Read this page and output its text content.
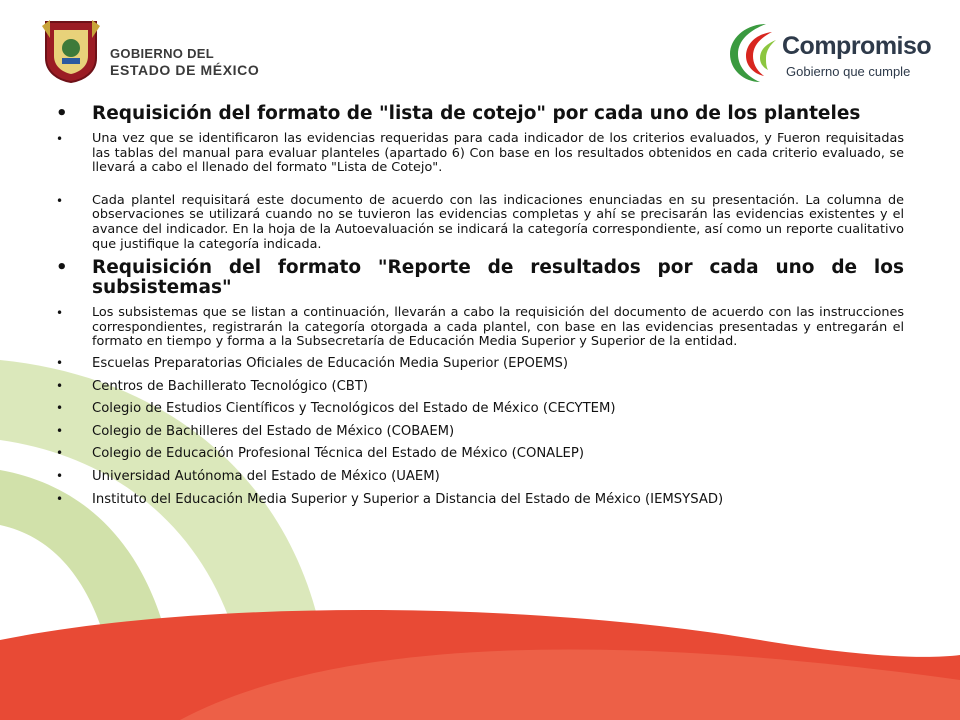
GOBIERNO DEL
ESTADO DE MÉXICO
Compromiso
Gobierno que cumple
• Requisición del formato de "lista de cotejo" por cada uno de los planteles
• Una vez que se identificaron las evidencias requeridas para cada indicador de los criterios evaluados, y Fueron requisitadas las tablas del manual para evaluar planteles (apartado 6) Con base en los resultados obtenidos en cada criterio evaluado, se llevará a cabo el llenado del formato "Lista de Cotejo".
• Cada plantel requisitará este documento de acuerdo con las indicaciones enunciadas en su presentación. La columna de observaciones se utilizará cuando no se tuvieron las evidencias completas y ahí se precisarán las evidencias existentes y el avance del indicador. En la hoja de la Autoevaluación se indicará la categoría correspondiente, así como un reporte cualitativo que justifique la categoría indicada.
• Requisición del formato "Reporte de resultados por cada uno de los subsistemas"
• Los subsistemas que se listan a continuación, llevarán a cabo la requisición del documento de acuerdo con las instrucciones correspondientes, registrarán la categoría otorgada a cada plantel, con base en las evidencias presentadas y entregarán el formato en tiempo y forma a la Subsecretaría de Educación Media Superior y Superior de la entidad.
• Escuelas Preparatorias Oficiales de Educación Media Superior (EPOEMS)
• Centros de Bachillerato Tecnológico (CBT)
• Colegio de Estudios Científicos y Tecnológicos del Estado de México (CECYTEM)
• Colegio de Bachilleres del Estado de México (COBAEM)
• Colegio de Educación Profesional Técnica del Estado de México (CONALEP)
• Universidad Autónoma del Estado de México (UAEM)
• Instituto del Educación Media Superior y Superior a Distancia del Estado de México (IEMSYSAD)
